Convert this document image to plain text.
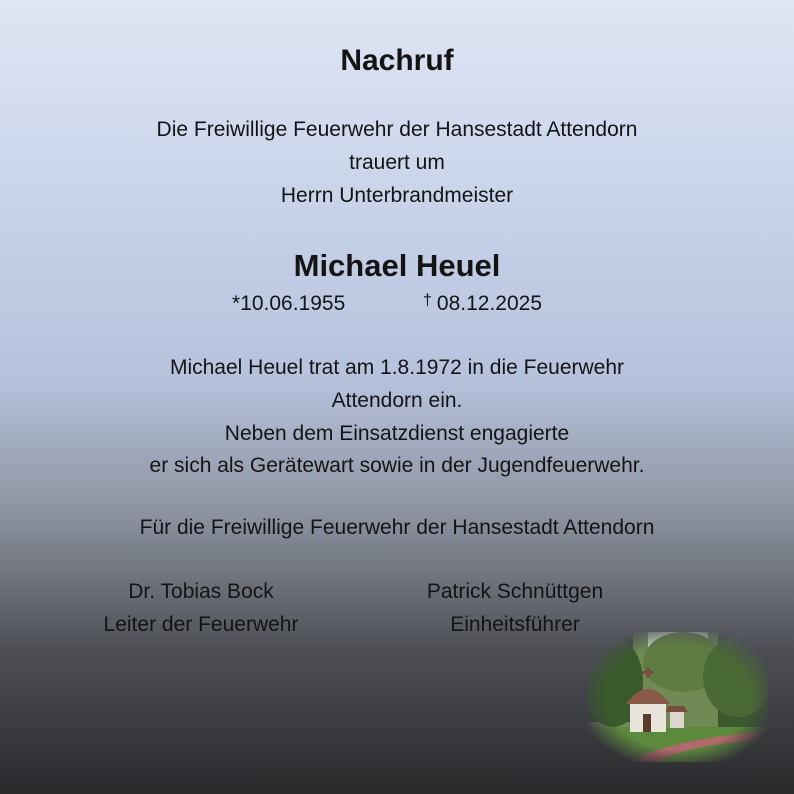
Nachruf
Die Freiwillige Feuerwehr der Hansestadt Attendorn
trauert um
Herrn Unterbrandmeister
Michael Heuel
*10.06.1955	† 08.12.2025
Michael Heuel trat am 1.8.1972 in die Feuerwehr
Attendorn ein.
Neben dem Einsatzdienst engagierte
er sich als Gerätewart sowie in der Jugendfeuerwehr.
Für die Freiwillige Feuerwehr der Hansestadt Attendorn
Dr. Tobias Bock
Leiter der Feuerwehr
Patrick Schnüttgen
Einheitsführer
